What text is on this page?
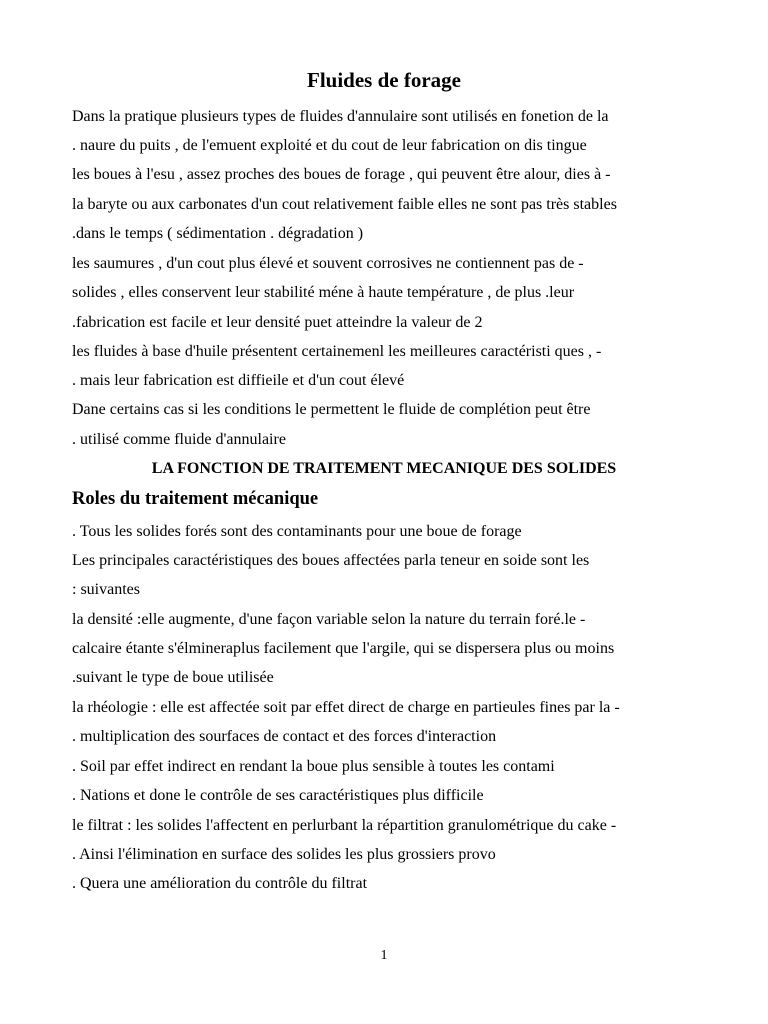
Fluides de forage
Dans la pratique plusieurs types de fluides d'annulaire sont utilisés en fonetion de la
. naure du puits , de l'emuent exploité et du cout de leur fabrication on dis tingue
les boues à l'esu , assez proches des boues de forage , qui peuvent être alour, dies à -
la baryte ou aux carbonates d'un cout relativement faible elles ne sont pas très stables
.dans le temps ( sédimentation . dégradation )
les saumures , d'un cout plus élevé et souvent corrosives ne contiennent pas de -
solides , elles conservent leur stabilité méne à haute température , de plus .leur
.fabrication est facile et leur densité puet atteindre la valeur de 2
les fluides à base d'huile présentent certainemenl les meilleures caractéristi ques , -
. mais leur fabrication est diffieile et d'un cout élevé
Dane certains cas si les conditions le permettent le fluide de complétion peut être
. utilisé comme fluide d'annulaire
LA FONCTION DE TRAITEMENT MECANIQUE DES SOLIDES
Roles du traitement mécanique
. Tous les solides forés sont des contaminants pour une boue de forage
Les principales caractéristiques des boues affectées parla teneur en soide sont les
: suivantes
la densité :elle augmente, d'une façon variable selon la nature du terrain foré.le -
calcaire étante s'élmineraplus facilement que l'argile, qui se dispersera plus ou moins
.suivant le type de boue utilisée
la rhéologie : elle est affectée soit par effet direct de charge en partieules fines par la -
. multiplication des sourfaces de contact et des forces d'interaction
. Soil par effet indirect en rendant la boue plus sensible à toutes les contami
. Nations et done le contrôle de ses caractéristiques plus difficile
le filtrat : les solides l'affectent en perlurbant la répartition granulométrique du cake -
. Ainsi l'élimination en surface des solides les plus grossiers provo
. Quera une amélioration du contrôle du filtrat
1
